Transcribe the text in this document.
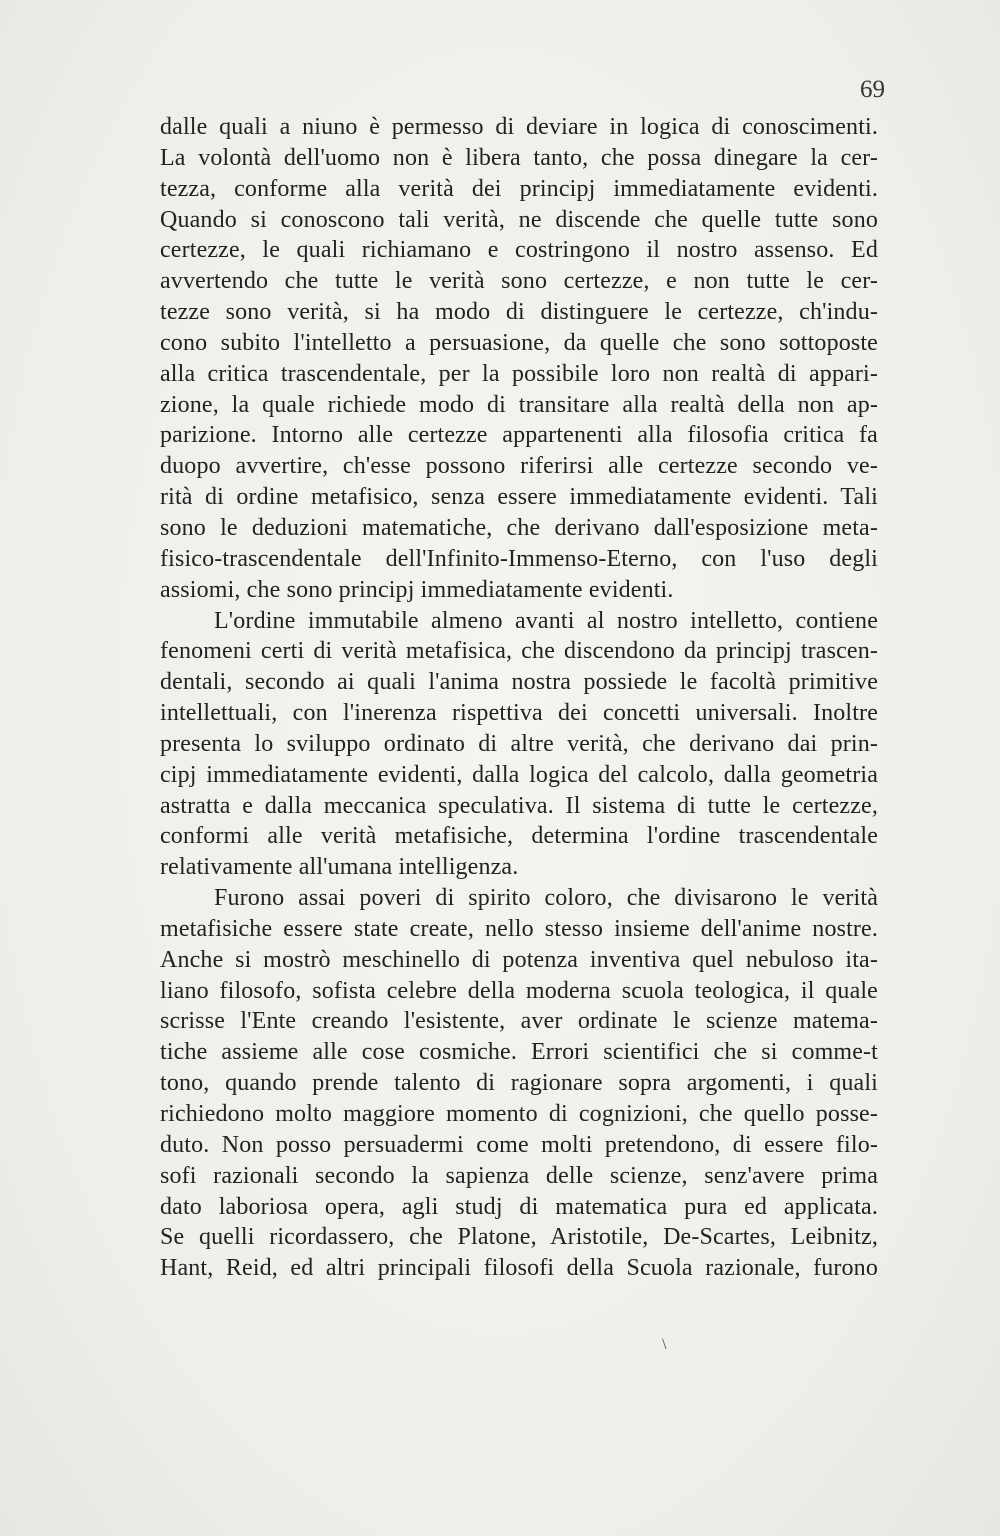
69
dalle quali a niuno è permesso di deviare in logica di conoscimenti.
La volontà dell'uomo non è libera tanto, che possa dinegare la cer-
tezza, conforme alla verità dei principj immediatamente evidenti.
Quando si conoscono tali verità, ne discende che quelle tutte sono
certezze, le quali richiamano e costringono il nostro assenso. Ed
avvertendo che tutte le verità sono certezze, e non tutte le cer-
tezze sono verità, si ha modo di distinguere le certezze, ch'indu-
cono subito l'intelletto a persuasione, da quelle che sono sottoposte
alla critica trascendentale, per la possibile loro non realtà di appari-
zione, la quale richiede modo di transitare alla realtà della non ap-
parizione. Intorno alle certezze appartenenti alla filosofia critica fa
duopo avvertire, ch'esse possono riferirsi alle certezze secondo ve-
rità di ordine metafisico, senza essere immediatamente evidenti. Tali
sono le deduzioni matematiche, che derivano dall'esposizione meta-
fisico-trascendentale dell'Infinito-Immenso-Eterno, con l'uso degli
assiomi, che sono principj immediatamente evidenti.
L'ordine immutabile almeno avanti al nostro intelletto, contiene
fenomeni certi di verità metafisica, che discendono da principj trascen-
dentali, secondo ai quali l'anima nostra possiede le facoltà primitive
intellettuali, con l'inerenza rispettiva dei concetti universali. Inoltre
presenta lo sviluppo ordinato di altre verità, che derivano dai prin-
cipj immediatamente evidenti, dalla logica del calcolo, dalla geometria
astratta e dalla meccanica speculativa. Il sistema di tutte le certezze,
conformi alle verità metafisiche, determina l'ordine trascendentale
relativamente all'umana intelligenza.
Furono assai poveri di spirito coloro, che divisarono le verità
metafisiche essere state create, nello stesso insieme dell'anime nostre.
Anche si mostrò meschinello di potenza inventiva quel nebuloso ita-
liano filosofo, sofista celebre della moderna scuola teologica, il quale
scrisse l'Ente creando l'esistente, aver ordinate le scienze matema-
tiche assieme alle cose cosmiche. Errori scientifici che si comme-t
tono, quando prende talento di ragionare sopra argomenti, i quali
richiedono molto maggiore momento di cognizioni, che quello posse-
duto. Non posso persuadermi come molti pretendono, di essere filo-
sofi razionali secondo la sapienza delle scienze, senz'avere prima
dato laboriosa opera, agli studj di matematica pura ed applicata.
Se quelli ricordassero, che Platone, Aristotile, De-Scartes, Leibnitz,
Hant, Reid, ed altri principali filosofi della Scuola razionale, furono
\
